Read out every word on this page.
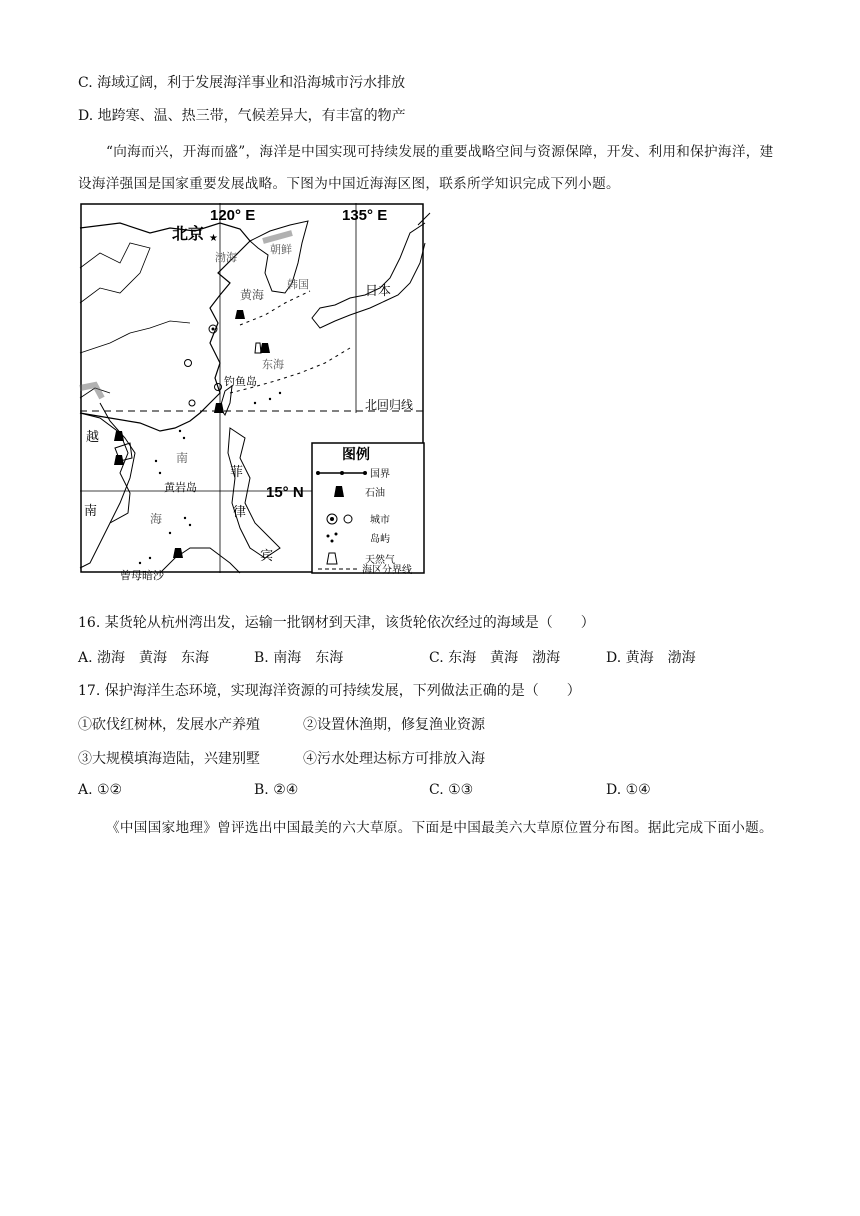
C. 海域辽阔，利于发展海洋事业和沿海城市污水排放
D. 地跨寒、温、热三带，气候差异大，有丰富的物产
“向海而兴，开海而盛”，海洋是中国实现可持续发展的重要战略空间与资源保障，开发、利用和保护海洋，建设海洋强国是国家重要发展战略。下图为中国近海海区图，联系所学知识完成下列小题。
120° E	135° E
北京 ★
渤海
朝鲜
韩国
黄海
东海
日本
钓鱼岛
北回归线
越
南
南
海
黄岩岛
菲
律
宾
曾母暗沙
15° N
图例
国界
石油
城市
岛屿
天然气
海区分界线
16. 某货轮从杭州湾出发，运输一批钢材到天津，该货轮依次经过的海域是（　　）
A. 渤海　黄海　东海	B. 南海　东海	C. 东海　黄海　渤海	D. 黄海　渤海
17. 保护海洋生态环境，实现海洋资源的可持续发展，下列做法正确的是（　　）
①砍伐红树林，发展水产养殖	②设置休渔期，修复渔业资源
③大规模填海造陆，兴建别墅	④污水处理达标方可排放入海
A. ①②	B. ②④	C. ①③	D. ①④
《中国国家地理》曾评选出中国最美的六大草原。下面是中国最美六大草原位置分布图。据此完成下面小题。
